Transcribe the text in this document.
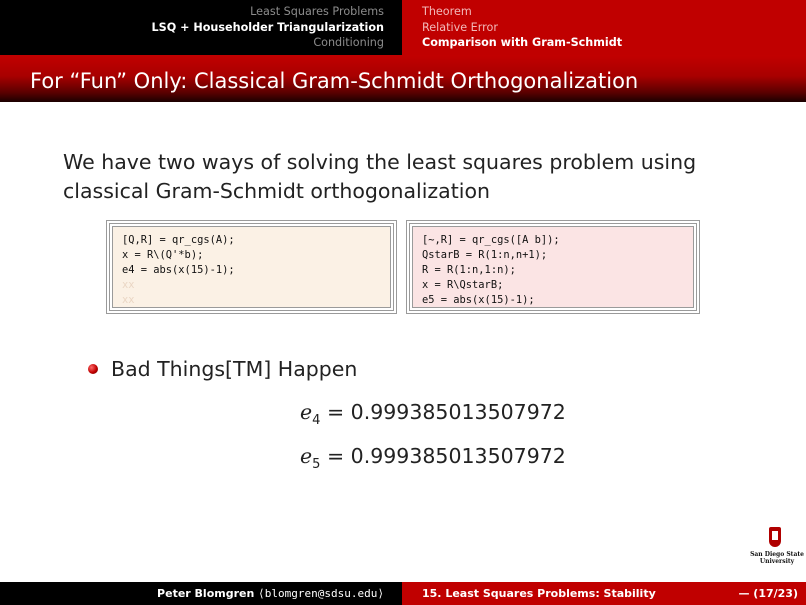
Least Squares Problems
LSQ + Householder Triangularization
Conditioning
Theorem
Relative Error
Comparison with Gram-Schmidt
For “Fun” Only: Classical Gram-Schmidt Orthogonalization
We have two ways of solving the least squares problem using classical Gram-Schmidt orthogonalization
[Q,R] = qr_cgs(A);
x = R\(Q'*b);
e4 = abs(x(15)-1);
xx
xx
[~,R] = qr_cgs([A b]);
QstarB = R(1:n,n+1);
R = R(1:n,1:n);
x = R\QstarB;
e5 = abs(x(15)-1);
Bad Things[TM] Happen
$e_4 = 0.999385013507972$
$e_5 = 0.999385013507972$
San Diego State
University
Peter Blomgren
⟨blomgren@sdsu.edu⟩	15. Least Squares Problems: Stability	— (17/23)
